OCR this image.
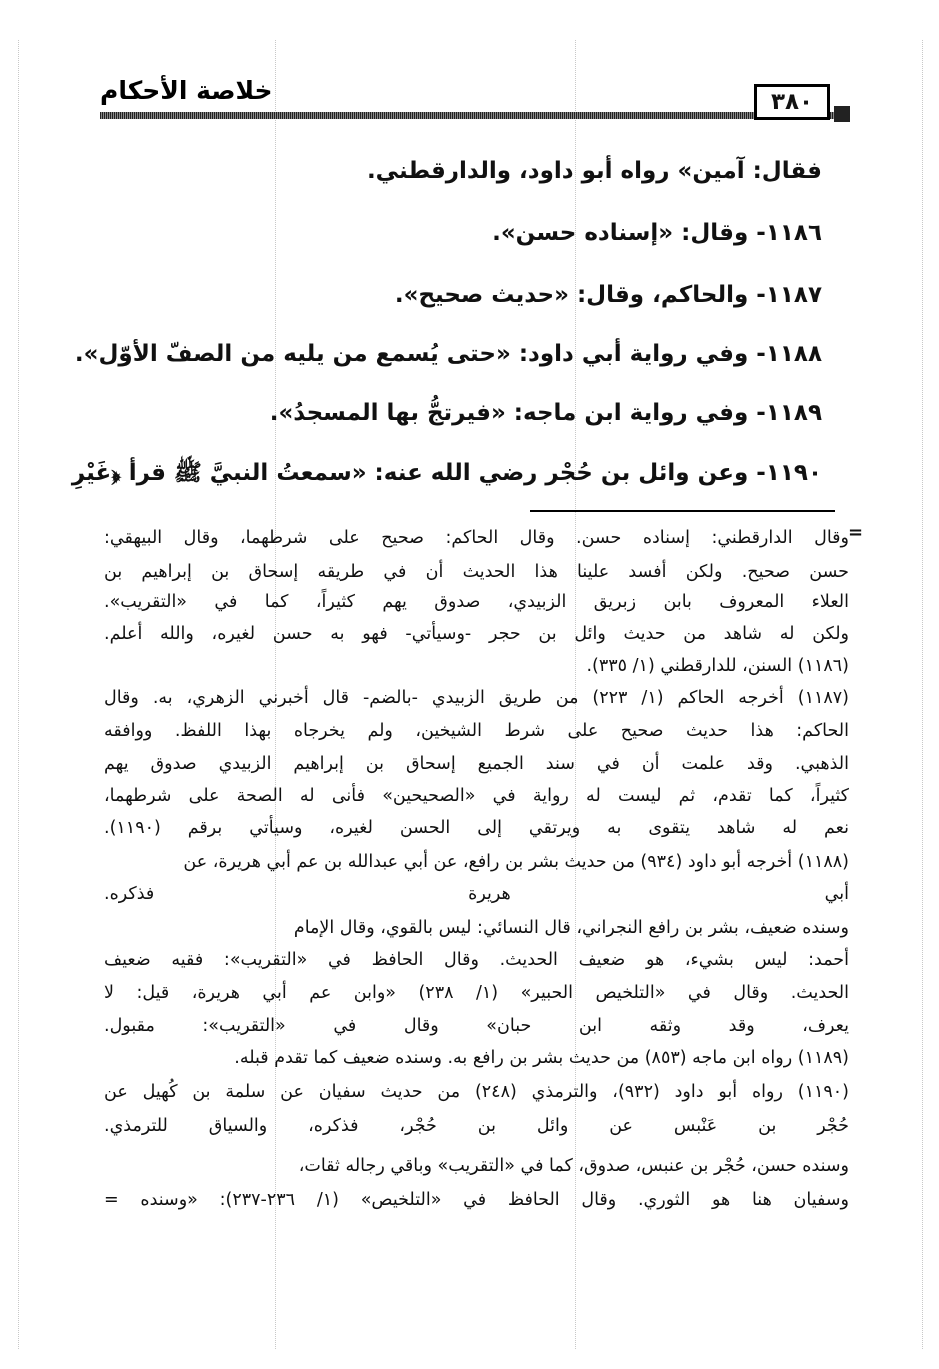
خلاصة الأحكام	٣٨٠
فقال: آمين» رواه أبو داود، والدارقطني.
١١٨٦- وقال: «إسناده حسن».
١١٨٧- والحاكم، وقال: «حديث صحيح».
١١٨٨- وفي رواية أبي داود: «حتى يُسمع من يليه من الصفّ الأوّل».
١١٨٩- وفي رواية ابن ماجه: «فيرتجُّ بها المسجدُ».
١١٩٠- وعن وائل بن حُجْر رضي الله عنه: «سمعتُ النبيَّ ﷺ قرأ ﴿غَيْرِ
=
وقال الدارقطني: إسناده حسن. وقال الحاكم: صحيح على شرطهما، وقال البيهقي:
حسن صحيح. ولكن أفسد علينا هذا الحديث أن في طريقه إسحاق بن إبراهيم بن
العلاء المعروف بابن زبريق الزبيدي، صدوق يهم كثيراً، كما في «التقريب».
ولكن له شاهد من حديث وائل بن حجر -وسيأتي- فهو به حسن لغيره، والله أعلم.
(١١٨٦) السنن، للدارقطني (١/ ٣٣٥).
(١١٨٧) أخرجه الحاكم (١/ ٢٢٣) من طريق الزبيدي -بالضم- قال أخبرني الزهري، به. وقال
الحاكم: هذا حديث صحيح على شرط الشيخين، ولم يخرجاه بهذا اللفظ. ووافقه
الذهبي. وقد علمت أن في سند الجميع إسحاق بن إبراهيم الزبيدي صدوق يهم
كثيراً، كما تقدم، ثم ليست له رواية في «الصحيحين» فأنى له الصحة على شرطهما،
نعم له شاهد يتقوى به ويرتقي إلى الحسن لغيره، وسيأتي برقم (١١٩٠).
(١١٨٨) أخرجه أبو داود (٩٣٤) من حديث بشر بن رافع، عن أبي عبدالله بن عم أبي هريرة، عن
أبي هريرة فذكره.
وسنده ضعيف، بشر بن رافع النجراني، قال النسائي: ليس بالقوي، وقال الإمام
أحمد: ليس بشيء، هو ضعيف الحديث. وقال الحافظ في «التقريب»: فقيه ضعيف
الحديث. وقال في «التلخيص الحبير» (١/ ٢٣٨) «وابن عم أبي هريرة، قيل: لا
يعرف، وقد وثقه ابن حبان» وقال في «التقريب»: مقبول.
(١١٨٩) رواه ابن ماجه (٨٥٣) من حديث بشر بن رافع به. وسنده ضعيف كما تقدم قبله.
(١١٩٠) رواه أبو داود (٩٣٢)، والترمذي (٢٤٨) من حديث سفيان عن سلمة بن كُهيل عن
حُجْر بن عَنْبس عن وائل بن حُجْر، فذكره، والسياق للترمذي.
وسنده حسن، حُجْر بن عنبس، صدوق، كما في «التقريب» وباقي رجاله ثقات،
وسفيان هنا هو الثوري. وقال الحافظ في «التلخيص» (١/ ٢٣٦-٢٣٧): «وسنده =
